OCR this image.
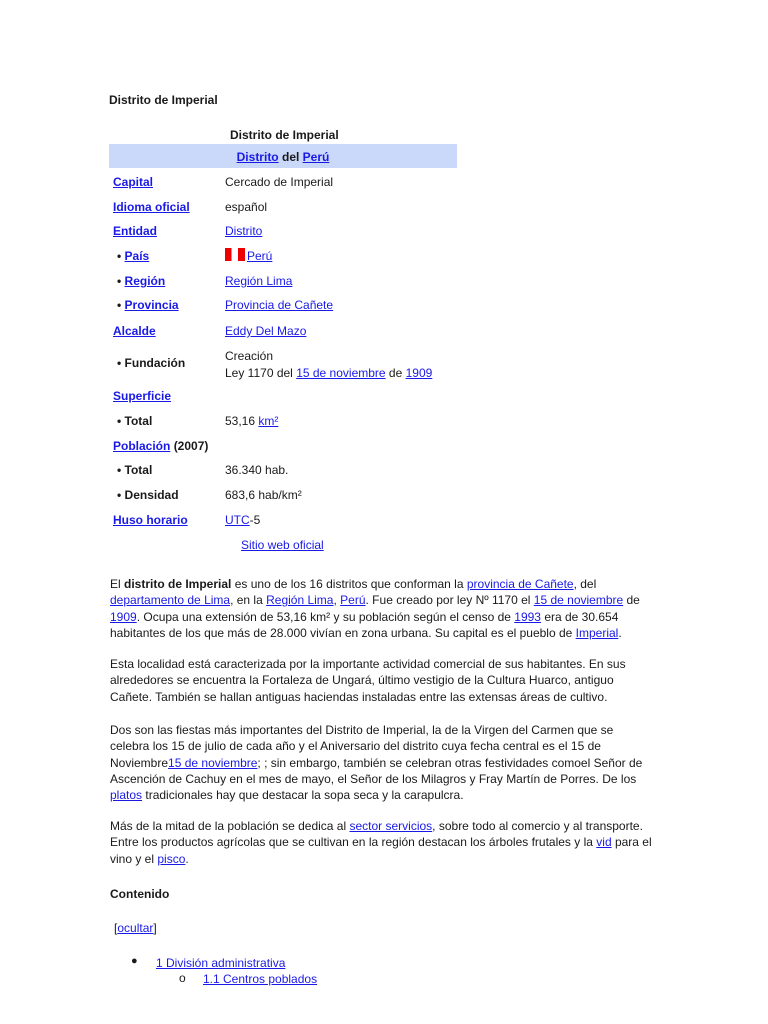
Distrito de Imperial
Distrito de Imperial
Distrito del Perú
Capital	Cercado de Imperial
Idioma oficial	español
Entidad	Distrito
• País	Perú
• Región	Región Lima
• Provincia	Provincia de Cañete
Alcalde	Eddy Del Mazo
• Fundación	Creación
Ley 1170 del 15 de noviembre de 1909
Superficie
• Total	53,16 km²
Población (2007)
• Total	36.340 hab.
• Densidad	683,6 hab/km²
Huso horario	UTC-5
Sitio web oficial
El distrito de Imperial es uno de los 16 distritos que conforman la provincia de Cañete, del departamento de Lima, en la Región Lima, Perú. Fue creado por ley Nº 1170 el 15 de noviembre de 1909. Ocupa una extensión de 53,16 km² y su población según el censo de 1993 era de 30.654 habitantes de los que más de 28.000 vivían en zona urbana. Su capital es el pueblo de Imperial.
Esta localidad está caracterizada por la importante actividad comercial de sus habitantes. En sus alrededores se encuentra la Fortaleza de Ungará, último vestigio de la Cultura Huarco, antiguo Cañete. También se hallan antiguas haciendas instaladas entre las extensas áreas de cultivo.
Dos son las fiestas más importantes del Distrito de Imperial, la de la Virgen del Carmen que se celebra los 15 de julio de cada año y el Aniversario del distrito cuya fecha central es el 15 de Noviembre15 de noviembre; ; sin embargo, también se celebran otras festividades comoel Señor de Ascención de Cachuy en el mes de mayo, el Señor de los Milagros y Fray Martín de Porres. De los platos tradicionales hay que destacar la sopa seca y la carapulcra.
Más de la mitad de la población se dedica al sector servicios, sobre todo al comercio y al transporte. Entre los productos agrícolas que se cultivan en la región destacan los árboles frutales y la vid para el vino y el pisco.
Contenido
[ocultar]
● 1 División administrativa
o 1.1 Centros poblados
